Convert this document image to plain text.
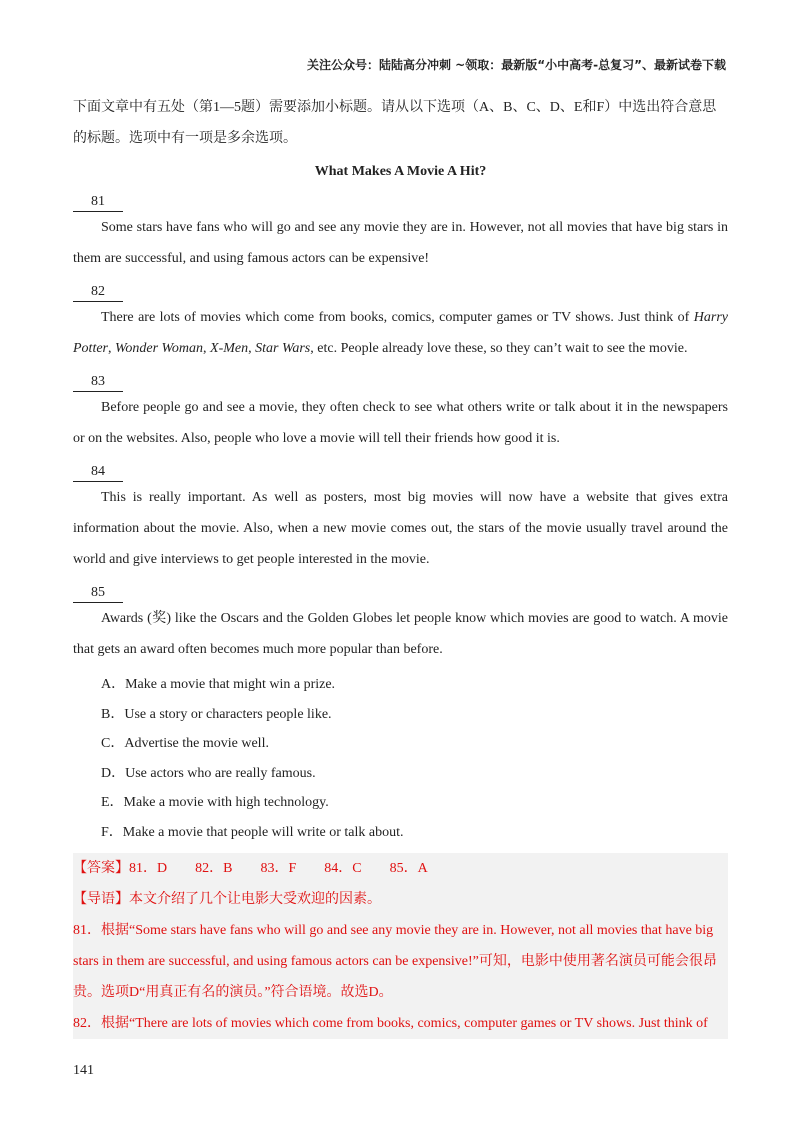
关注公众号：陆陆高分冲刺 ~领取：最新版“小中高考-总复习”、最新试卷下载

下面文章中有五处（第1—5题）需要添加小标题。请从以下选项（A、B、C、D、E和F）中选出符合意思的标题。选项中有一项是多余选项。

What Makes A Movie A Hit?
81

Some stars have fans who will go and see any movie they are in. However, not all movies that have big stars in them are successful, and using famous actors can be expensive!

82

There are lots of movies which come from books, comics, computer games or TV shows. Just think of Harry Potter, Wonder Woman, X-Men, Star Wars, etc. People already love these, so they can’t wait to see the movie.

83

Before people go and see a movie, they often check to see what others write or talk about it in the newspapers or on the websites. Also, people who love a movie will tell their friends how good it is.

84

This is really important. As well as posters, most big movies will now have a website that gives extra information about the movie. Also, when a new movie comes out, the stars of the movie usually travel around the world and give interviews to get people interested in the movie.

85

Awards (奖) like the Oscars and the Golden Globes let people know which movies are good to watch. A movie that gets an award often becomes much more popular than before.

A．Make a movie that might win a prize.
B．Use a story or characters people like.
C．Advertise the movie well.
D．Use actors who are really famous.
E．Make a movie with high technology.
F．Make a movie that people will write or talk about.
【答案】81．D　　82．B　　83．F　　84．C　　85．A
【导语】本文介绍了几个让电影大受欢迎的因素。
81．根据“Some stars have fans who will go and see any movie they are in. However, not all movies that have big stars in them are successful, and using famous actors can be expensive!”可知，电影中使用著名演员可能会很昂贵。选项D“用真正有名的演员。”符合语境。故选D。
82．根据“There are lots of movies which come from books, comics, computer games or TV shows. Just think of
141
